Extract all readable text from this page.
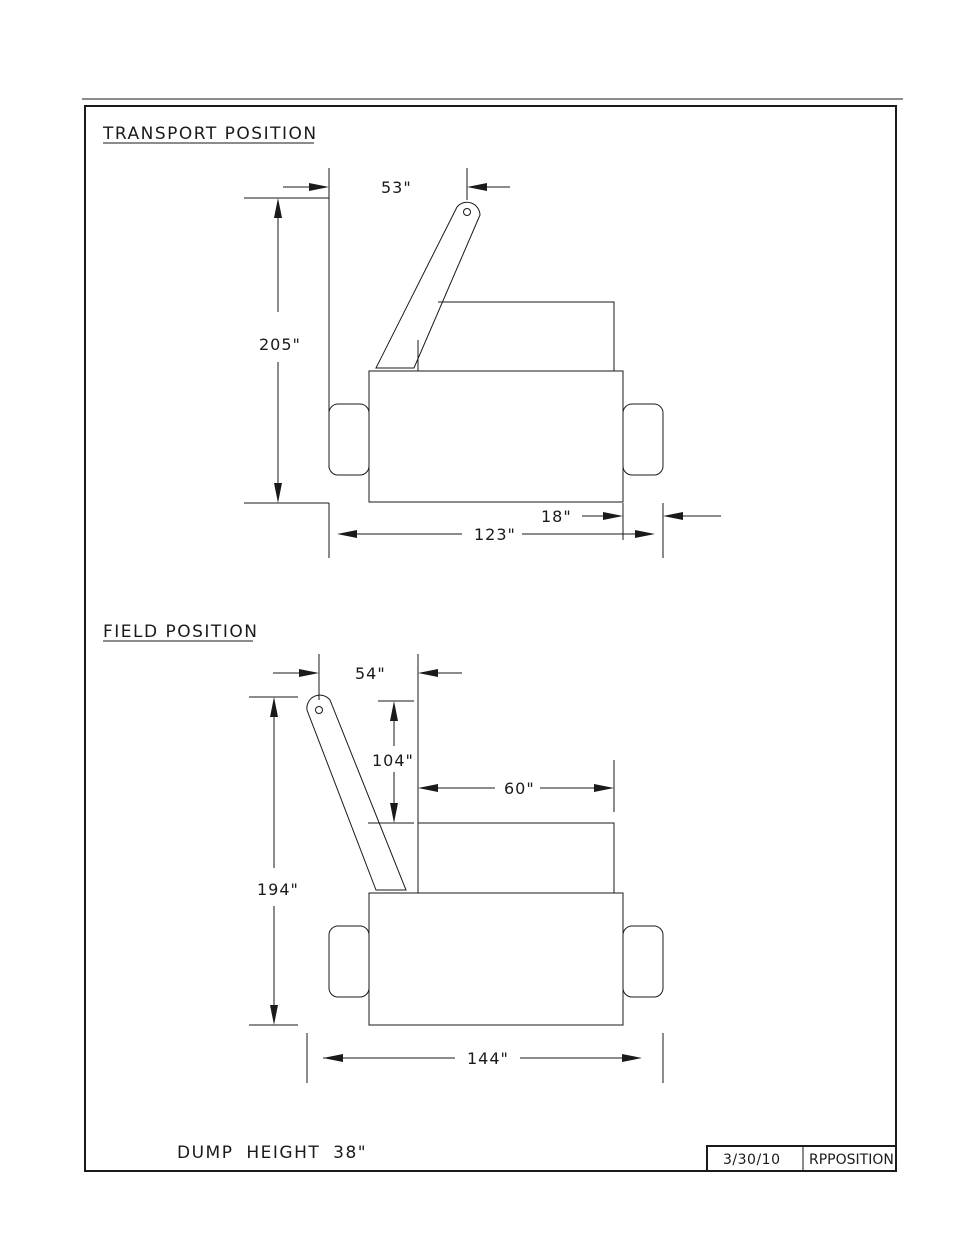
TRANSPORT POSITION
53"
205"
18"
123"
FIELD POSITION
54"
104"
60"
194"
144"
DUMP HEIGHT 38"	3/30/10 RPPOSITION
